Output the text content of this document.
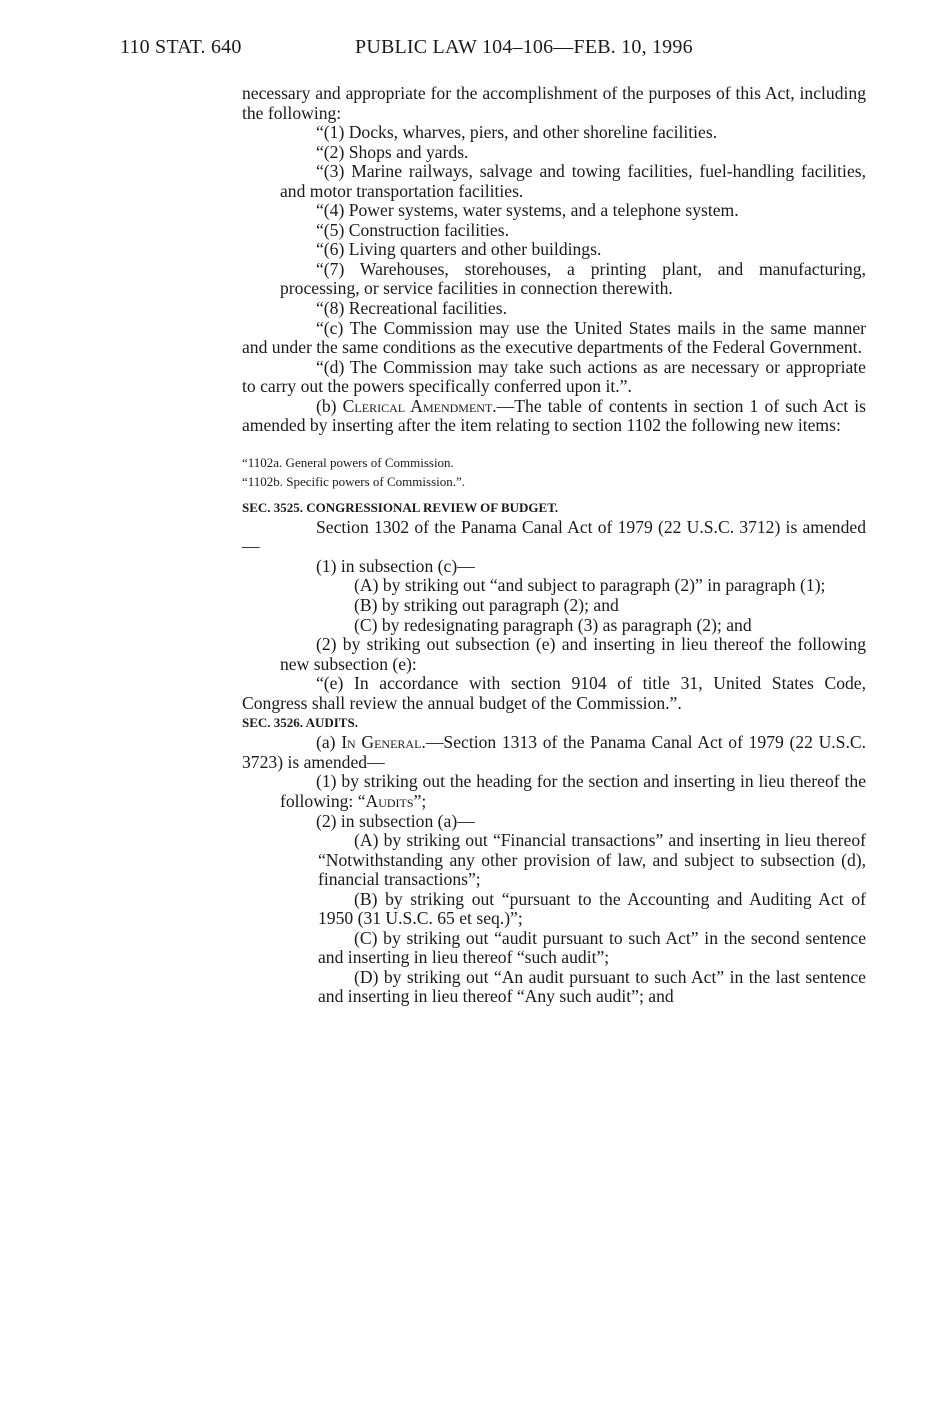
110 STAT. 640	PUBLIC LAW 104–106—FEB. 10, 1996

necessary and appropriate for the accomplishment of the purposes of this Act, including the following:

“(1) Docks, wharves, piers, and other shoreline facilities.

“(2) Shops and yards.

“(3) Marine railways, salvage and towing facilities, fuel-handling facilities, and motor transportation facilities.

“(4) Power systems, water systems, and a telephone system.

“(5) Construction facilities.

“(6) Living quarters and other buildings.

“(7) Warehouses, storehouses, a printing plant, and manufacturing, processing, or service facilities in connection therewith.

“(8) Recreational facilities.

“(c) The Commission may use the United States mails in the same manner and under the same conditions as the executive departments of the Federal Government.

“(d) The Commission may take such actions as are necessary or appropriate to carry out the powers specifically conferred upon it.”.

(b) Clerical Amendment.—The table of contents in section 1 of such Act is amended by inserting after the item relating to section 1102 the following new items:

“1102a. General powers of Commission.

“1102b. Specific powers of Commission.”.

SEC. 3525. CONGRESSIONAL REVIEW OF BUDGET.

Section 1302 of the Panama Canal Act of 1979 (22 U.S.C. 3712) is amended—

(1) in subsection (c)—

(A) by striking out “and subject to paragraph (2)” in paragraph (1);

(B) by striking out paragraph (2); and

(C) by redesignating paragraph (3) as paragraph (2); and

(2) by striking out subsection (e) and inserting in lieu thereof the following new subsection (e):

“(e) In accordance with section 9104 of title 31, United States Code, Congress shall review the annual budget of the Commission.”.

SEC. 3526. AUDITS.

(a) In General.—Section 1313 of the Panama Canal Act of 1979 (22 U.S.C. 3723) is amended—

(1) by striking out the heading for the section and inserting in lieu thereof the following: “Audits”;

(2) in subsection (a)—

(A) by striking out “Financial transactions” and inserting in lieu thereof “Notwithstanding any other provision of law, and subject to subsection (d), financial transactions”;

(B) by striking out “pursuant to the Accounting and Auditing Act of 1950 (31 U.S.C. 65 et seq.)”;

(C) by striking out “audit pursuant to such Act” in the second sentence and inserting in lieu thereof “such audit”;

(D) by striking out “An audit pursuant to such Act” in the last sentence and inserting in lieu thereof “Any such audit”; and
